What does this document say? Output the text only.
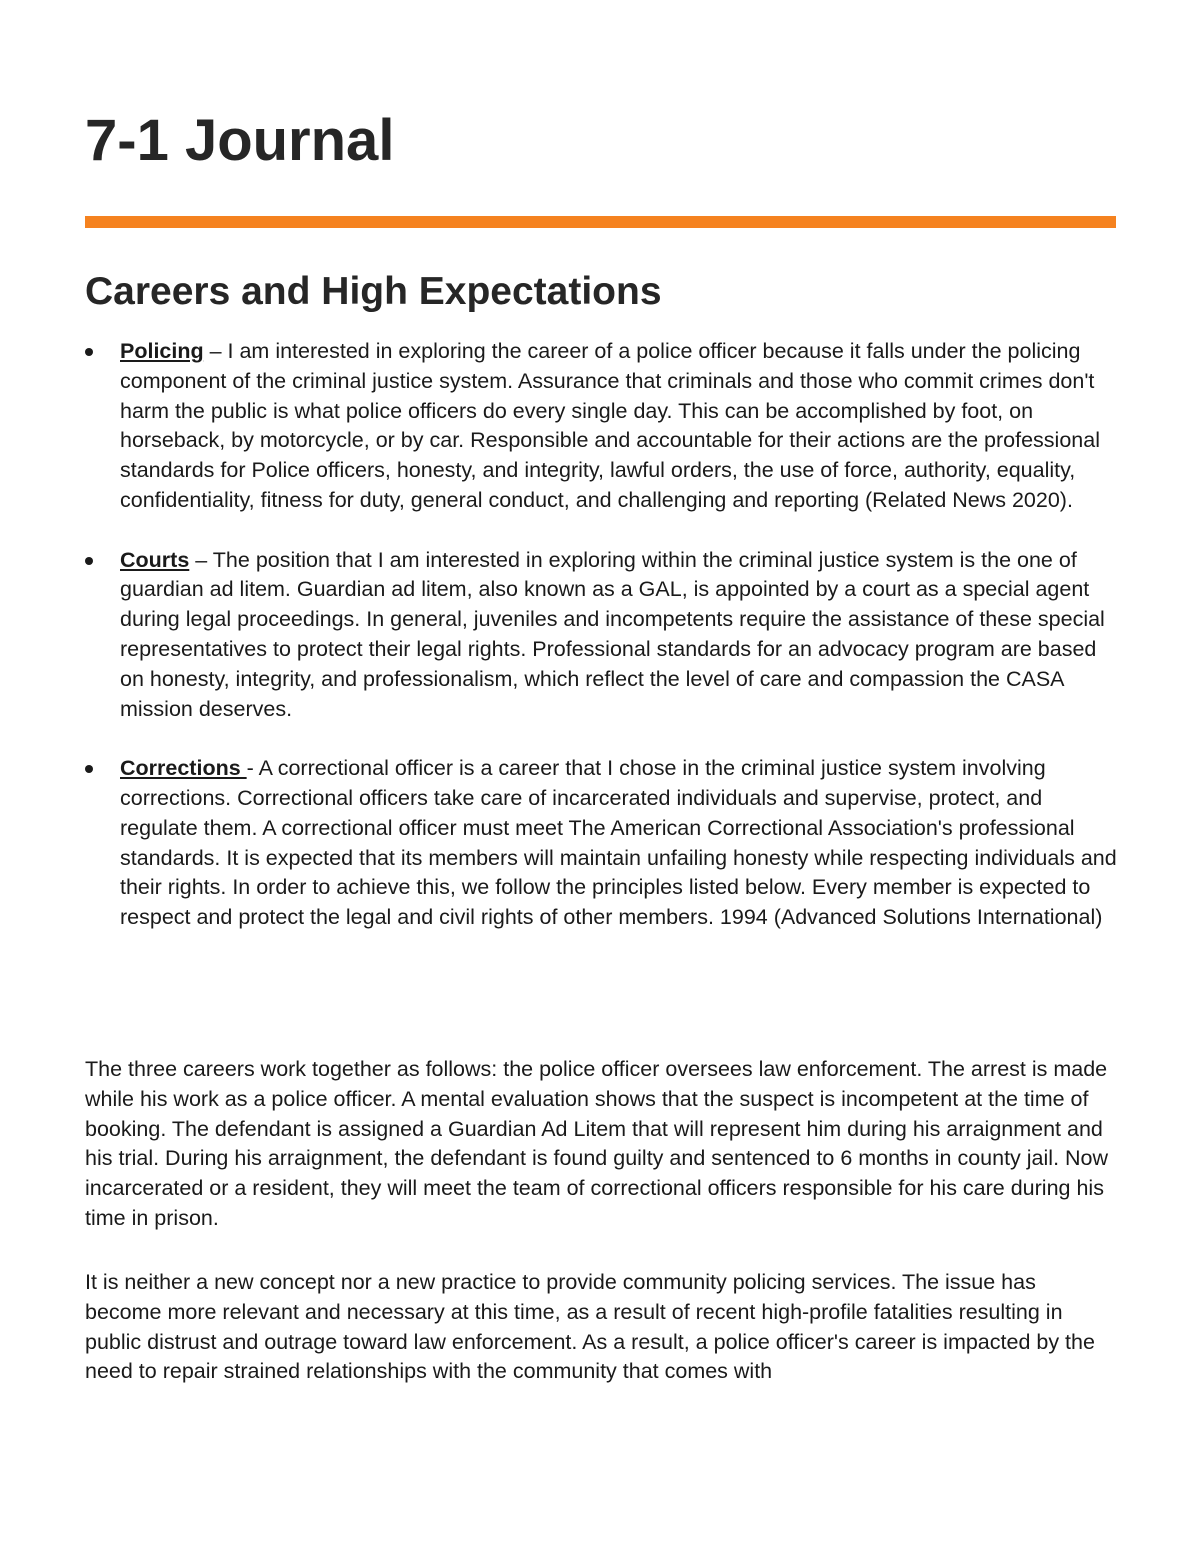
7-1 Journal
Careers and High Expectations
Policing – I am interested in exploring the career of a police officer because it falls under the policing component of the criminal justice system. Assurance that criminals and those who commit crimes don't harm the public is what police officers do every single day. This can be accomplished by foot, on horseback, by motorcycle, or by car. Responsible and accountable for their actions are the professional standards for Police officers, honesty, and integrity, lawful orders, the use of force, authority, equality, confidentiality, fitness for duty, general conduct, and challenging and reporting (Related News 2020).
Courts – The position that I am interested in exploring within the criminal justice system is the one of guardian ad litem. Guardian ad litem, also known as a GAL, is appointed by a court as a special agent during legal proceedings. In general, juveniles and incompetents require the assistance of these special representatives to protect their legal rights. Professional standards for an advocacy program are based on honesty, integrity, and professionalism, which reflect the level of care and compassion the CASA mission deserves.
Corrections - A correctional officer is a career that I chose in the criminal justice system involving corrections. Correctional officers take care of incarcerated individuals and supervise, protect, and regulate them. A correctional officer must meet The American Correctional Association's professional standards. It is expected that its members will maintain unfailing honesty while respecting individuals and their rights. In order to achieve this, we follow the principles listed below. Every member is expected to respect and protect the legal and civil rights of other members. 1994 (Advanced Solutions International)

The three careers work together as follows: the police officer oversees law enforcement. The arrest is made while his work as a police officer. A mental evaluation shows that the suspect is incompetent at the time of booking. The defendant is assigned a Guardian Ad Litem that will represent him during his arraignment and his trial. During his arraignment, the defendant is found guilty and sentenced to 6 months in county jail. Now incarcerated or a resident, they will meet the team of correctional officers responsible for his care during his time in prison.

It is neither a new concept nor a new practice to provide community policing services. The issue has become more relevant and necessary at this time, as a result of recent high-profile fatalities resulting in public distrust and outrage toward law enforcement. As a result, a police officer's career is impacted by the need to repair strained relationships with the community that comes with
